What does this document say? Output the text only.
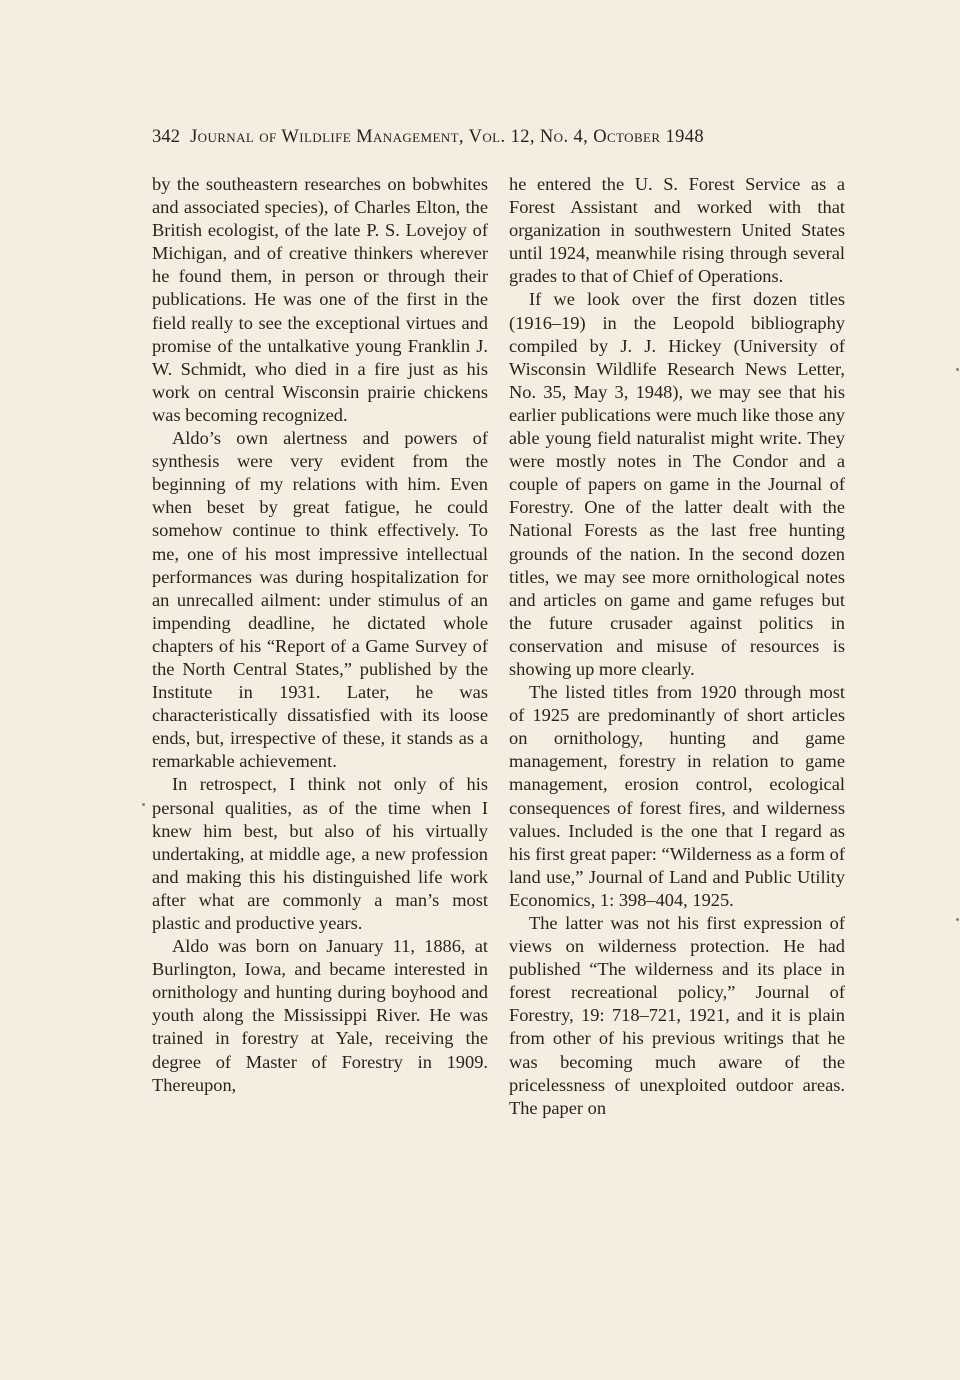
342 Journal of Wildlife Management, Vol. 12, No. 4, October 1948

by the southeastern researches on bobwhites and associated species), of Charles Elton, the British ecologist, of the late P. S. Lovejoy of Michigan, and of creative thinkers wherever he found them, in person or through their publications. He was one of the first in the field really to see the exceptional virtues and promise of the untalkative young Franklin J. W. Schmidt, who died in a fire just as his work on central Wisconsin prairie chickens was becoming recognized.

Aldo’s own alertness and powers of synthesis were very evident from the beginning of my relations with him. Even when beset by great fatigue, he could somehow continue to think effectively. To me, one of his most impressive intellectual performances was during hospitalization for an unrecalled ailment: under stimulus of an impending deadline, he dictated whole chapters of his “Report of a Game Survey of the North Central States,” published by the Institute in 1931. Later, he was characteristically dissatisfied with its loose ends, but, irrespective of these, it stands as a remarkable achievement.

In retrospect, I think not only of his personal qualities, as of the time when I knew him best, but also of his virtually undertaking, at middle age, a new profession and making this his distinguished life work after what are commonly a man’s most plastic and productive years.

Aldo was born on January 11, 1886, at Burlington, Iowa, and became interested in ornithology and hunting during boyhood and youth along the Mississippi River. He was trained in forestry at Yale, receiving the degree of Master of Forestry in 1909. Thereupon,

he entered the U. S. Forest Service as a Forest Assistant and worked with that organization in southwestern United States until 1924, meanwhile rising through several grades to that of Chief of Operations.

If we look over the first dozen titles (1916–19) in the Leopold bibliography compiled by J. J. Hickey (University of Wisconsin Wildlife Research News Letter, No. 35, May 3, 1948), we may see that his earlier publications were much like those any able young field naturalist might write. They were mostly notes in The Condor and a couple of papers on game in the Journal of Forestry. One of the latter dealt with the National Forests as the last free hunting grounds of the nation. In the second dozen titles, we may see more ornithological notes and articles on game and game refuges but the future crusader against politics in conservation and misuse of resources is showing up more clearly.

The listed titles from 1920 through most of 1925 are predominantly of short articles on ornithology, hunting and game management, forestry in relation to game management, erosion control, ecological consequences of forest fires, and wilderness values. Included is the one that I regard as his first great paper: “Wilderness as a form of land use,” Journal of Land and Public Utility Economics, 1: 398–404, 1925.

The latter was not his first expression of views on wilderness protection. He had published “The wilderness and its place in forest recreational policy,” Journal of Forestry, 19: 718–721, 1921, and it is plain from other of his previous writings that he was becoming much aware of the pricelessness of unexploited outdoor areas. The paper on
